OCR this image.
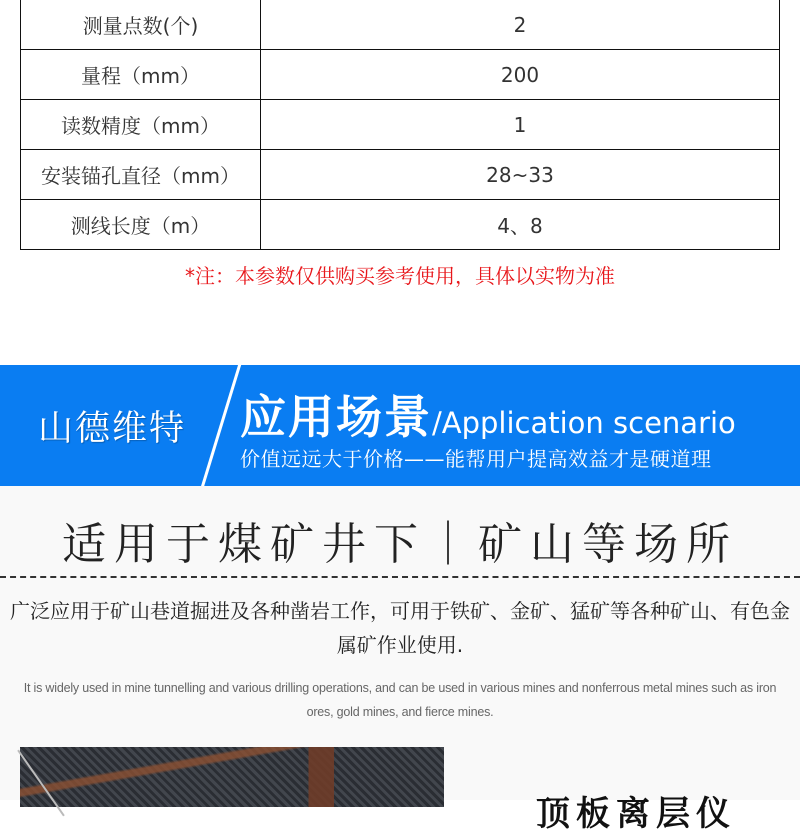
测量点数(个)	2
量程（mm）	200
读数精度（mm）	1
安装锚孔直径（mm）	28~33
测线长度（m）	4、8
*注：本参数仅供购买参考使用，具体以实物为准
山德维特 应用场景/Application scenario
价值远远大于价格——能帮用户提高效益才是硬道理
适用于煤矿井下｜矿山等场所
广泛应用于矿山巷道掘进及各种凿岩工作，可用于铁矿、金矿、猛矿等各种矿山、有色金属矿作业使用.
It is widely used in mine tunnelling and various drilling operations, and can be used in various mines and nonferrous metal mines such as iron ores, gold mines, and fierce mines.
顶板离层仪
